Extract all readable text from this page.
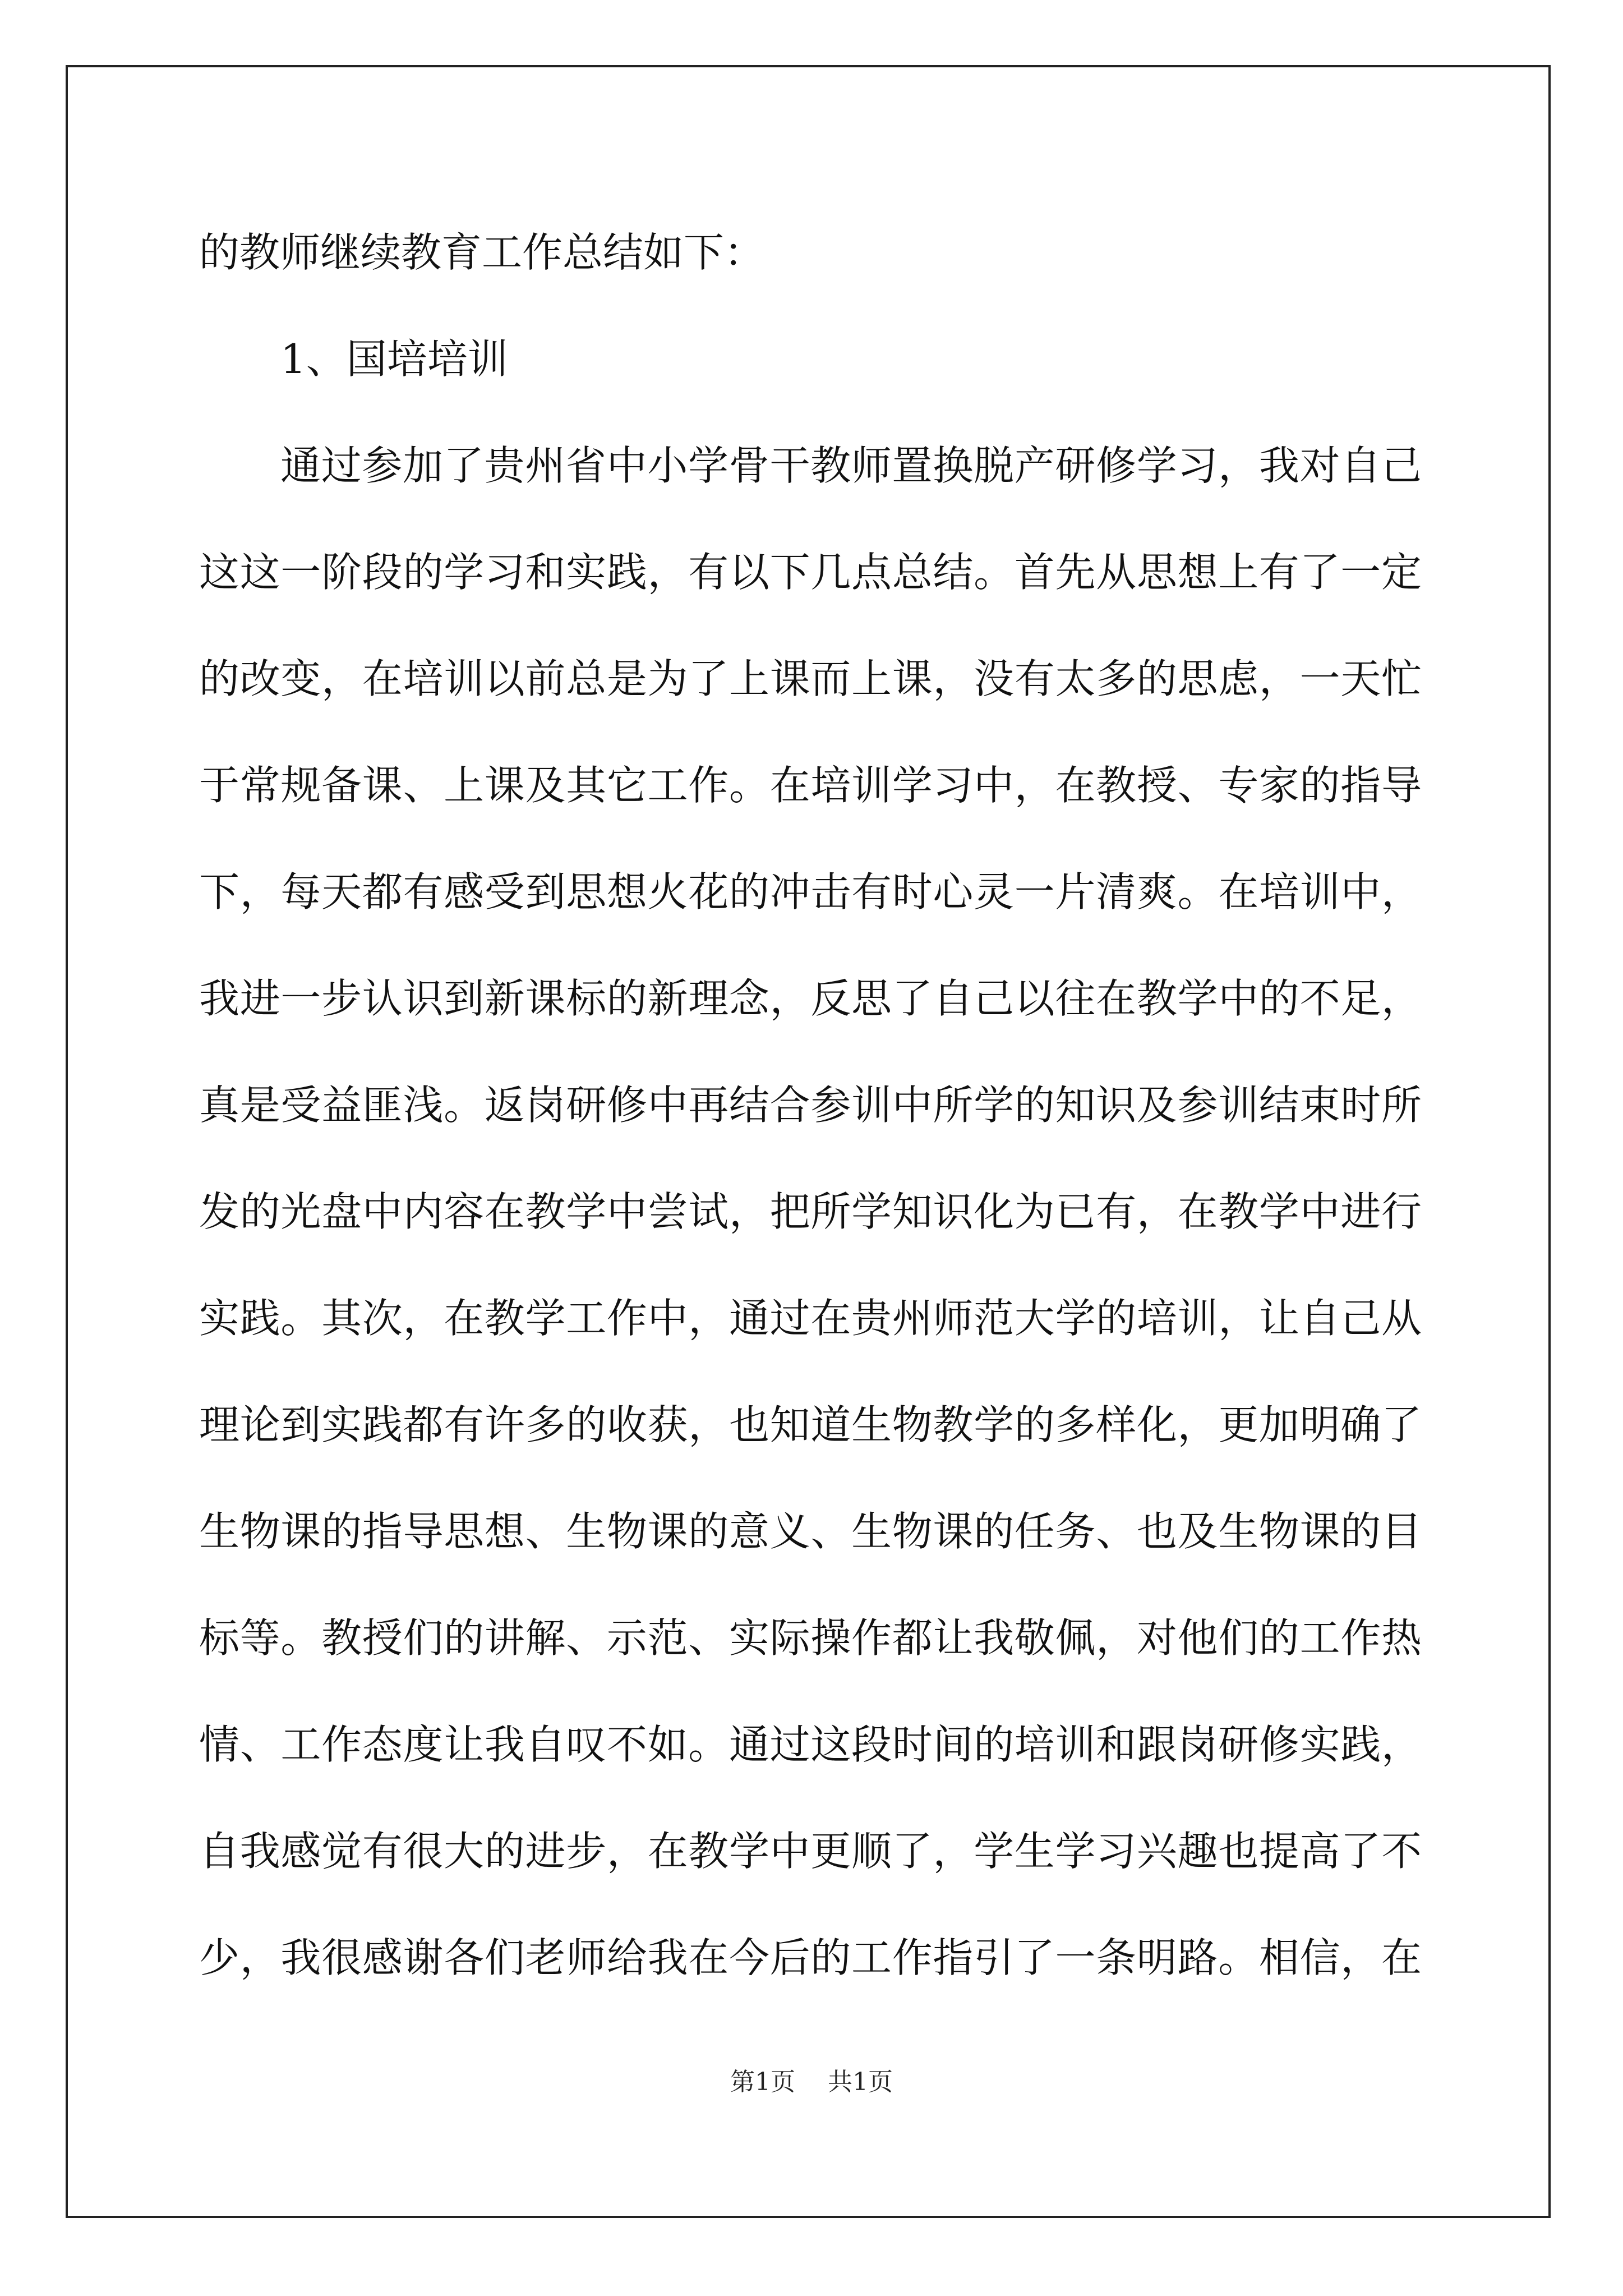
的教师继续教育工作总结如下：
1、国培培训
通过参加了贵州省中小学骨干教师置换脱产研修学习，我对自己
这这一阶段的学习和实践，有以下几点总结。首先从思想上有了一定
的改变，在培训以前总是为了上课而上课，没有太多的思虑，一天忙
于常规备课、上课及其它工作。在培训学习中，在教授、专家的指导
下，每天都有感受到思想火花的冲击有时心灵一片清爽。在培训中，
我进一步认识到新课标的新理念，反思了自己以往在教学中的不足，
真是受益匪浅。返岗研修中再结合参训中所学的知识及参训结束时所
发的光盘中内容在教学中尝试，把所学知识化为已有，在教学中进行
实践。其次，在教学工作中，通过在贵州师范大学的培训，让自己从
理论到实践都有许多的收获，也知道生物教学的多样化，更加明确了
生物课的指导思想、生物课的意义、生物课的任务、也及生物课的目
标等。教授们的讲解、示范、实际操作都让我敬佩，对他们的工作热
情、工作态度让我自叹不如。通过这段时间的培训和跟岗研修实践，
自我感觉有很大的进步，在教学中更顺了，学生学习兴趣也提高了不
少，我很感谢各们老师给我在今后的工作指引了一条明路。相信，在
第1页 共1页
